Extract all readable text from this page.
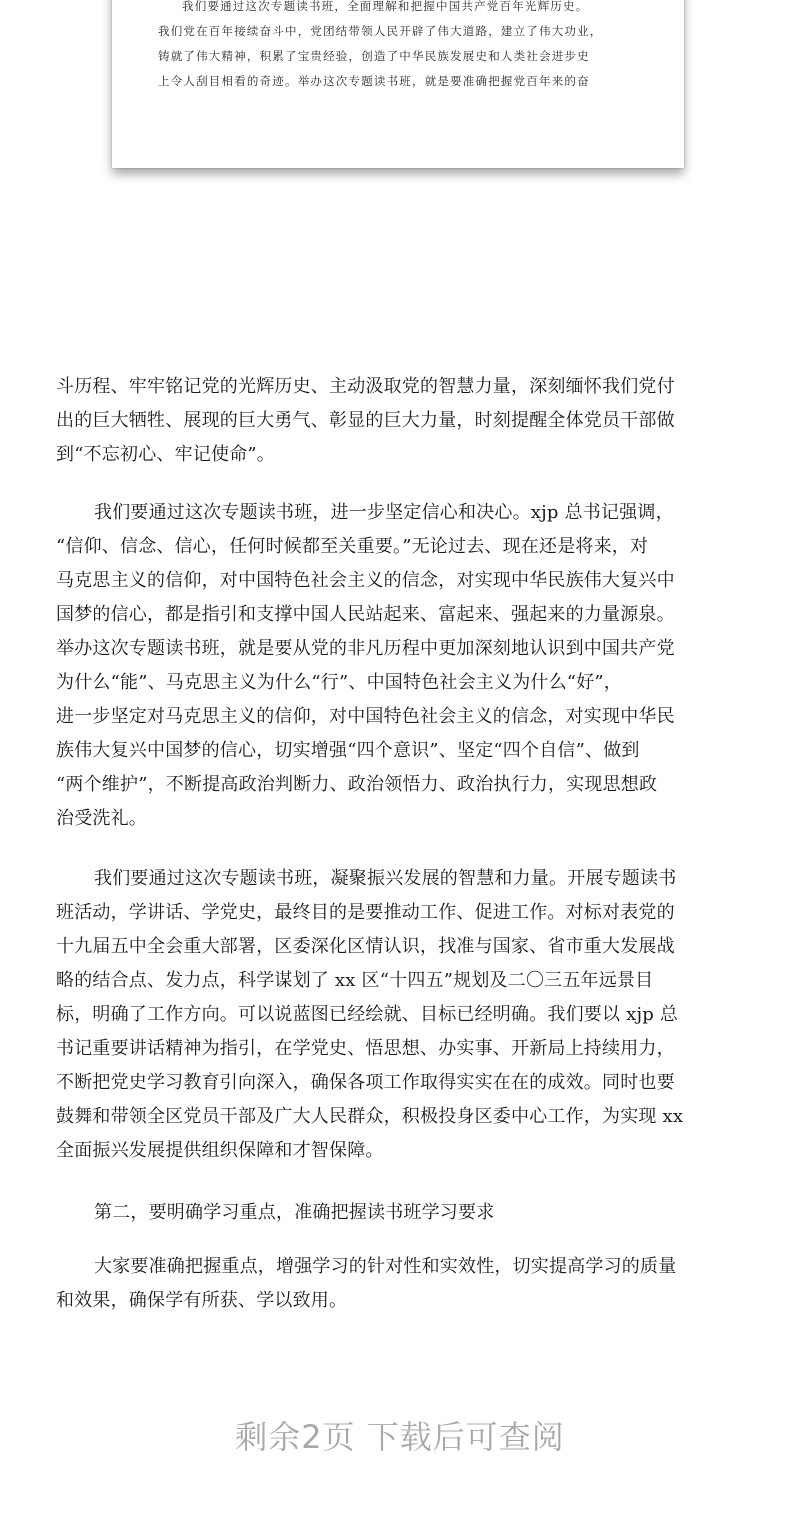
我们要通过这次专题读书班，全面理解和把握中国共产党百年光辉历史。
我们党在百年接续奋斗中，党团结带领人民开辟了伟大道路，建立了伟大功业，
铸就了伟大精神，积累了宝贵经验，创造了中华民族发展史和人类社会进步史
上令人刮目相看的奇迹。举办这次专题读书班，就是要准确把握党百年来的奋
斗历程、牢牢铭记党的光辉历史、主动汲取党的智慧力量，深刻缅怀我们党付
出的巨大牺牲、展现的巨大勇气、彰显的巨大力量，时刻提醒全体党员干部做
到“不忘初心、牢记使命”。
我们要通过这次专题读书班，进一步坚定信心和决心。xjp 总书记强调，
“信仰、信念、信心，任何时候都至关重要。”无论过去、现在还是将来，对
马克思主义的信仰，对中国特色社会主义的信念，对实现中华民族伟大复兴中
国梦的信心，都是指引和支撑中国人民站起来、富起来、强起来的力量源泉。
举办这次专题读书班，就是要从党的非凡历程中更加深刻地认识到中国共产党
为什么“能”、马克思主义为什么“行”、中国特色社会主义为什么“好”，
进一步坚定对马克思主义的信仰，对中国特色社会主义的信念，对实现中华民
族伟大复兴中国梦的信心，切实增强“四个意识”、坚定“四个自信”、做到
“两个维护”，不断提高政治判断力、政治领悟力、政治执行力，实现思想政
治受洗礼。
我们要通过这次专题读书班，凝聚振兴发展的智慧和力量。开展专题读书
班活动，学讲话、学党史，最终目的是要推动工作、促进工作。对标对表党的
十九届五中全会重大部署，区委深化区情认识，找准与国家、省市重大发展战
略的结合点、发力点，科学谋划了 xx 区“十四五”规划及二〇三五年远景目
标，明确了工作方向。可以说蓝图已经绘就、目标已经明确。我们要以 xjp 总
书记重要讲话精神为指引，在学党史、悟思想、办实事、开新局上持续用力，
不断把党史学习教育引向深入，确保各项工作取得实实在在的成效。同时也要
鼓舞和带领全区党员干部及广大人民群众，积极投身区委中心工作，为实现 xx
全面振兴发展提供组织保障和才智保障。
第二，要明确学习重点，准确把握读书班学习要求
大家要准确把握重点，增强学习的针对性和实效性，切实提高学习的质量
和效果，确保学有所获、学以致用。
剩余2页 下载后可查阅
